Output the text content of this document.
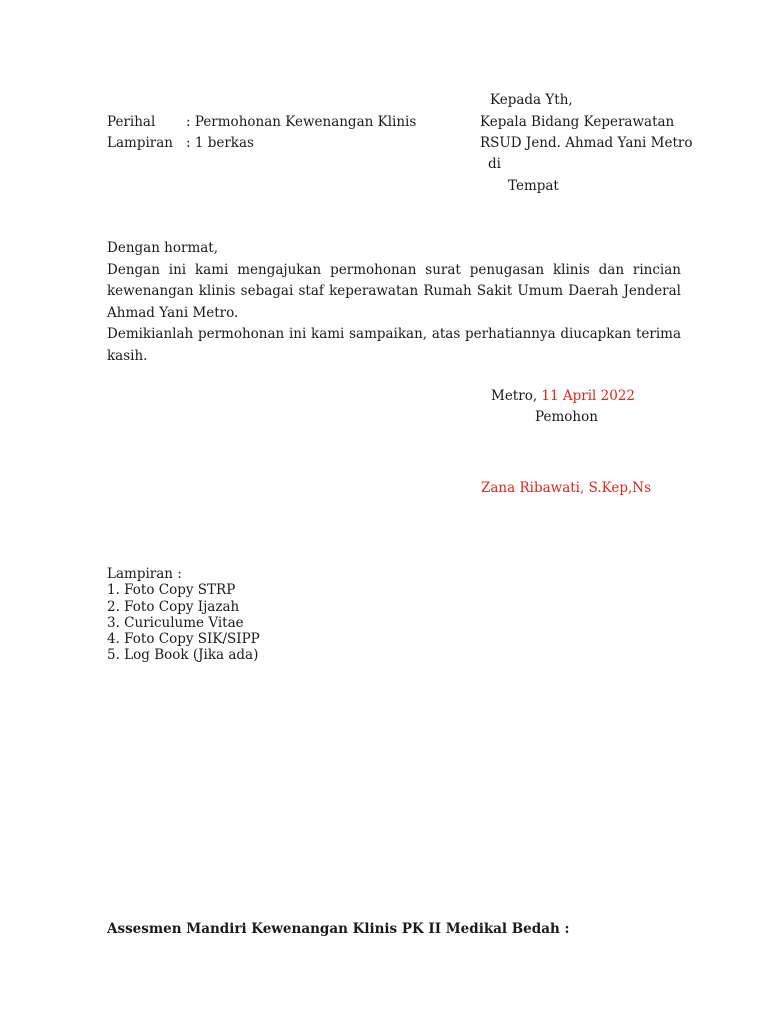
Kepada Yth,
Kepala Bidang Keperawatan
RSUD Jend. Ahmad Yani Metro
di
Tempat
Perihal : Permohonan Kewenangan Klinis
Lampiran : 1 berkas

Dengan hormat,

Dengan ini kami mengajukan permohonan surat penugasan klinis dan rincian kewenangan klinis sebagai staf keperawatan Rumah Sakit Umum Daerah Jenderal Ahmad Yani Metro.

Demikianlah permohonan ini kami sampaikan, atas perhatiannya diucapkan terima kasih.

Metro, 11 April 2022
Pemohon
Zana Ribawati, S.Kep,Ns
Lampiran :
1. Foto Copy STRP
2. Foto Copy Ijazah
3. Curiculume Vitae
4. Foto Copy SIK/SIPP
5. Log Book (Jika ada)
Assesmen Mandiri Kewenangan Klinis PK II Medikal Bedah :
